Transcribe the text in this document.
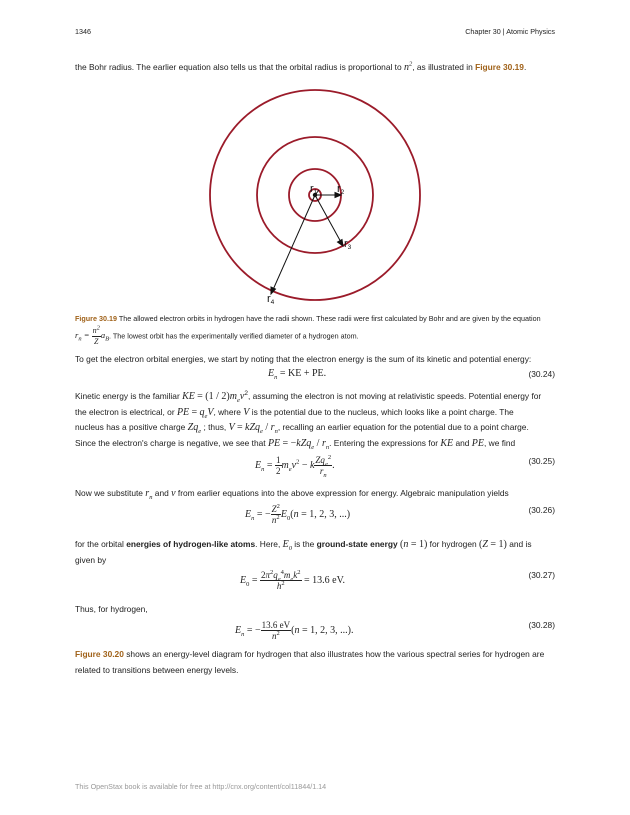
1346	Chapter 30 | Atomic Physics
the Bohr radius. The earlier equation also tells us that the orbital radius is proportional to $n^2$, as illustrated in Figure 30.19.
r1 r2
r3
r4
Figure 30.19 The allowed electron orbits in hydrogen have the radii shown. These radii were first calculated by Bohr and are given by the equation
$r_n = \frac{n^2}{Z} a_B$. The lowest orbit has the experimentally verified diameter of a hydrogen atom.
To get the electron orbital energies, we start by noting that the electron energy is the sum of its kinetic and potential energy:
$E_n$ = KE + PE.	(30.24)
Kinetic energy is the familiar KE = $(1 / 2)m_ev^2$, assuming the electron is not moving at relativistic speeds. Potential energy for
the electron is electrical, or PE = $q_eV$, where V is the potential due to the nucleus, which looks like a point charge. The
nucleus has a positive charge $Zq_e$ ; thus, $V = kZq_e / r_n$, recalling an earlier equation for the potential due to a point charge.
Since the electron's charge is negative, we see that PE = $-kZq_e / r_n$. Entering the expressions for KE and PE, we find
$E_n = \frac{1}{2} m_ev^2 - k \frac{Zq_e^2}{r_n}$ .	(30.25)
Now we substitute $r_n$ and v from earlier equations into the above expression for energy. Algebraic manipulation yields
$E_n$ = − $\frac{Z^2}{n^2} E_0(n = 1$, 2, 3, ...)	(30.26)
for the orbital energies of hydrogen-like atoms. Here, $E_0$ is the ground-state energy (n = 1) for hydrogen (Z = 1) and is
given by
$E_0 = \frac{2\pi^2q_e^4m_ek^2}{h^2} = 13.6$ eV.	(30.27)
Thus, for hydrogen,
$E_n$ = − $\frac{13.6 eV}{n^2} (n = 1$, 2, 3, ...).	(30.28)
Figure 30.20 shows an energy-level diagram for hydrogen that also illustrates how the various spectral series for hydrogen are
related to transitions between energy levels.
This OpenStax book is available for free at http://cnx.org/content/col11844/1.14
